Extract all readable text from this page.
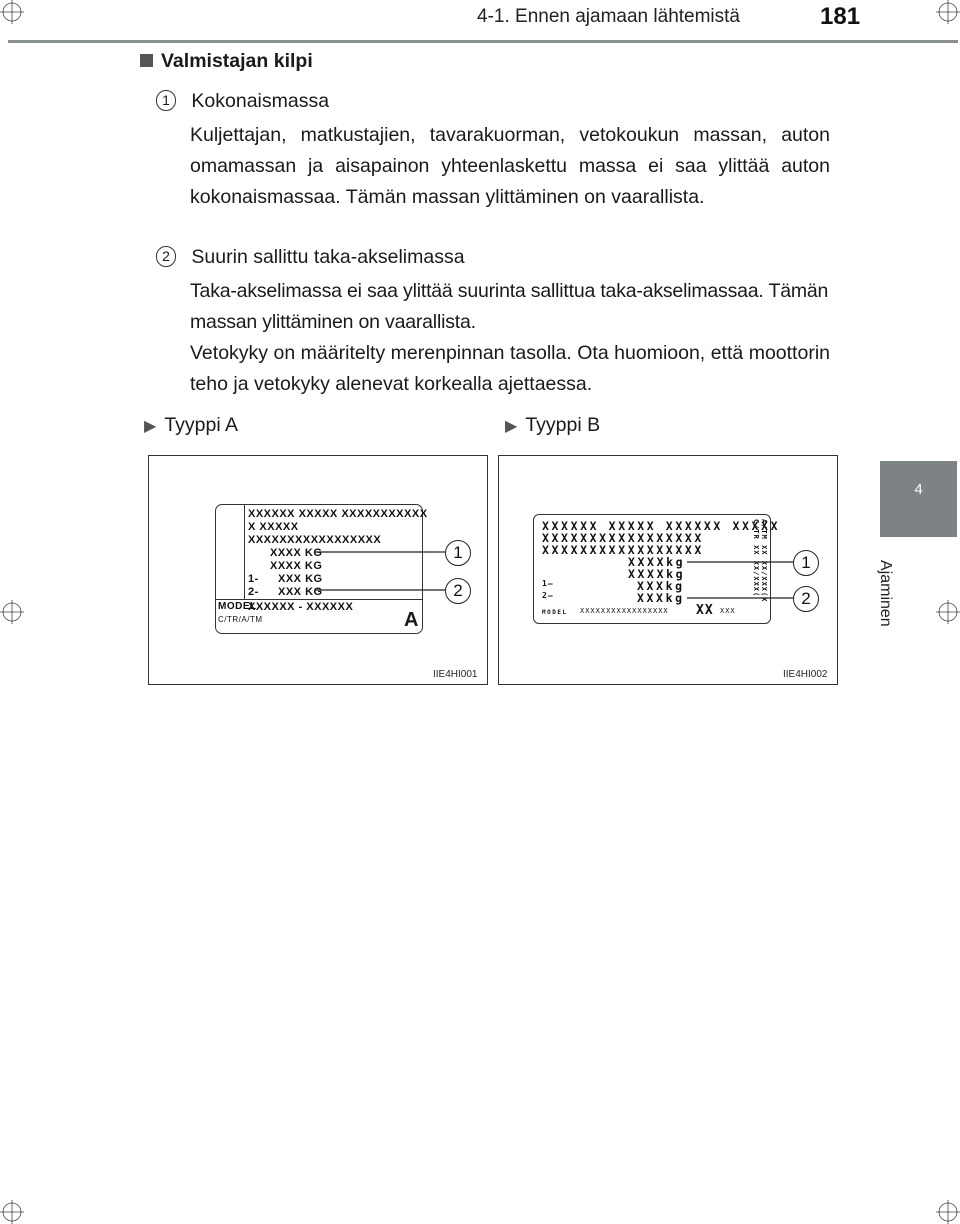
4-1. Ennen ajamaan lähtemistä	181
4
Ajaminen
Valmistajan kilpi
1 Kokonaismassa
Kuljettajan, matkustajien, tavarakuorman, vetokoukun massan, auton omamassan ja aisapainon yhteenlaskettu massa ei saa ylittää auton kokonaismassaa. Tämän massan ylittäminen on vaarallista.
2 Suurin sallittu taka-akselimassa
Taka-akselimassa ei saa ylittää suurinta sallittua taka-akselimassaa. Tämän massan ylittäminen on vaarallista.
Vetokyky on määritelty merenpinnan tasolla. Ota huomioon, että moottorin teho ja vetokyky alenevat korkealla ajettaessa.
▶ Tyyppi A	▶ Tyyppi B
XXXXXX XXXXX XXXXXXXXXXX
X XXXXX
XXXXXXXXXXXXXXXXX
XXXX KG
XXXX KG
1- XXX KG
2- XXX KG
MODEL
XXXXXX - XXXXXX
C/TR/A/TM	A
1
2
IIE4HI001
XXXXXX XXXXX XXXXXX XXXXX
XXXXXXXXXXXXXXXXX
XXXXXXXXXXXXXXXXX
XXXXkg
XXXXkg
1–	XXXkg
2–	XXXkg
MODEL XXXXXXXXXXXXXXXXX XX XXX
C/TR XX XX/XXX( A/TM XX XX/XXX(X	1
2
IIE4HI002
